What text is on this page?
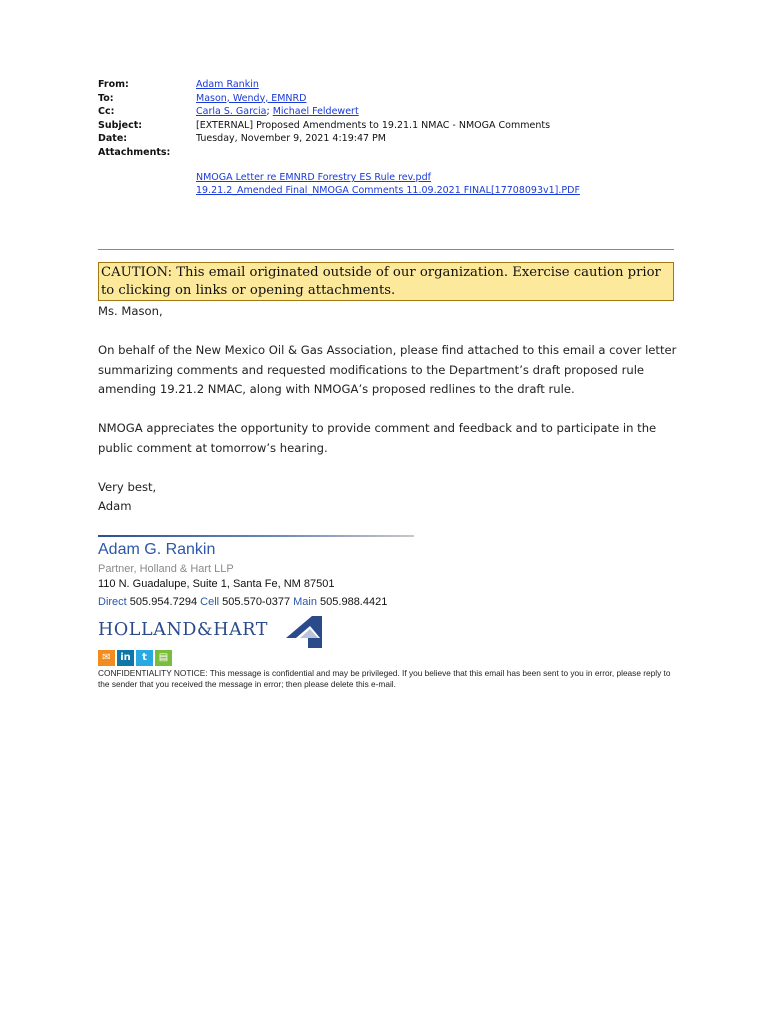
From:	Adam Rankin
To:	Mason, Wendy, EMNRD
Cc:	Carla S. Garcia; Michael Feldewert
Subject:	[EXTERNAL] Proposed Amendments to 19.21.1 NMAC - NMOGA Comments
Date:	Tuesday, November 9, 2021 4:19:47 PM
Attachments:	
NMOGA Letter re EMNRD Forestry ES Rule rev.pdf
19.21.2_Amended Final_NMOGA Comments 11.09.2021 FINAL[17708093v1].PDF
CAUTION: This email originated outside of our organization. Exercise caution prior to clicking on links or opening attachments.

Ms. Mason,

On behalf of the New Mexico Oil & Gas Association, please find attached to this email a cover letter summarizing comments and requested modifications to the Department’s draft proposed rule amending 19.21.2 NMAC, along with NMOGA’s proposed redlines to the draft rule.

NMOGA appreciates the opportunity to provide comment and feedback and to participate in the public comment at tomorrow’s hearing.

Very best,

Adam

Adam G. Rankin
Partner, Holland & Hart LLP
110 N. Guadalupe, Suite 1, Santa Fe, NM 87501
Direct 505.954.7294 Cell 505.570-0377 Main 505.988.4421
HOLLAND&HART
✉ in t ▤
CONFIDENTIALITY NOTICE: This message is confidential and may be privileged. If you believe that this email has been sent to you in error, please reply to the sender that you received the message in error; then please delete this e-mail.
